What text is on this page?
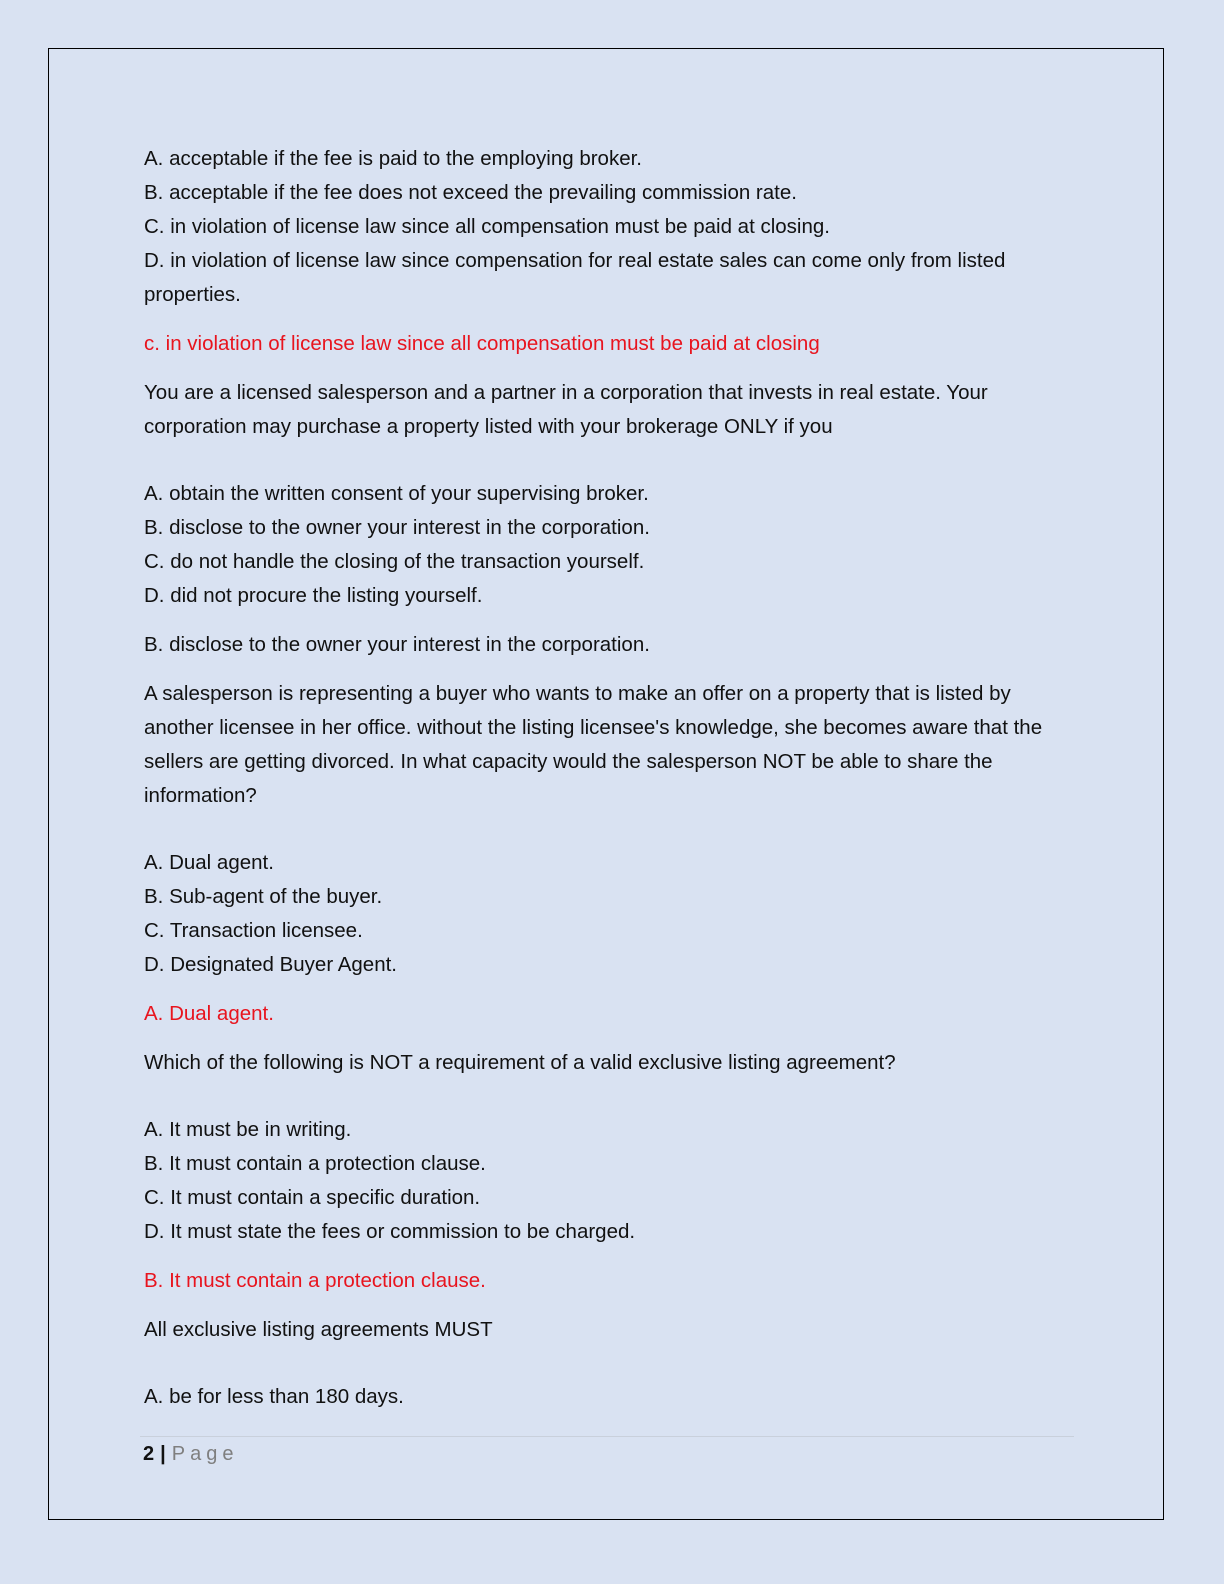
A. acceptable if the fee is paid to the employing broker.
B. acceptable if the fee does not exceed the prevailing commission rate.
C. in violation of license law since all compensation must be paid at closing.
D. in violation of license law since compensation for real estate sales can come only from listed properties.
c. in violation of license law since all compensation must be paid at closing
You are a licensed salesperson and a partner in a corporation that invests in real estate. Your corporation may purchase a property listed with your brokerage ONLY if you
A. obtain the written consent of your supervising broker.
B. disclose to the owner your interest in the corporation.
C. do not handle the closing of the transaction yourself.
D. did not procure the listing yourself.
B. disclose to the owner your interest in the corporation.
A salesperson is representing a buyer who wants to make an offer on a property that is listed by another licensee in her office. without the listing licensee's knowledge, she becomes aware that the sellers are getting divorced. In what capacity would the salesperson NOT be able to share the information?
A. Dual agent.
B. Sub-agent of the buyer.
C. Transaction licensee.
D. Designated Buyer Agent.
A. Dual agent.
Which of the following is NOT a requirement of a valid exclusive listing agreement?
A. It must be in writing.
B. It must contain a protection clause.
C. It must contain a specific duration.
D. It must state the fees or commission to be charged.
B. It must contain a protection clause.
All exclusive listing agreements MUST
A. be for less than 180 days.
2 | Page
